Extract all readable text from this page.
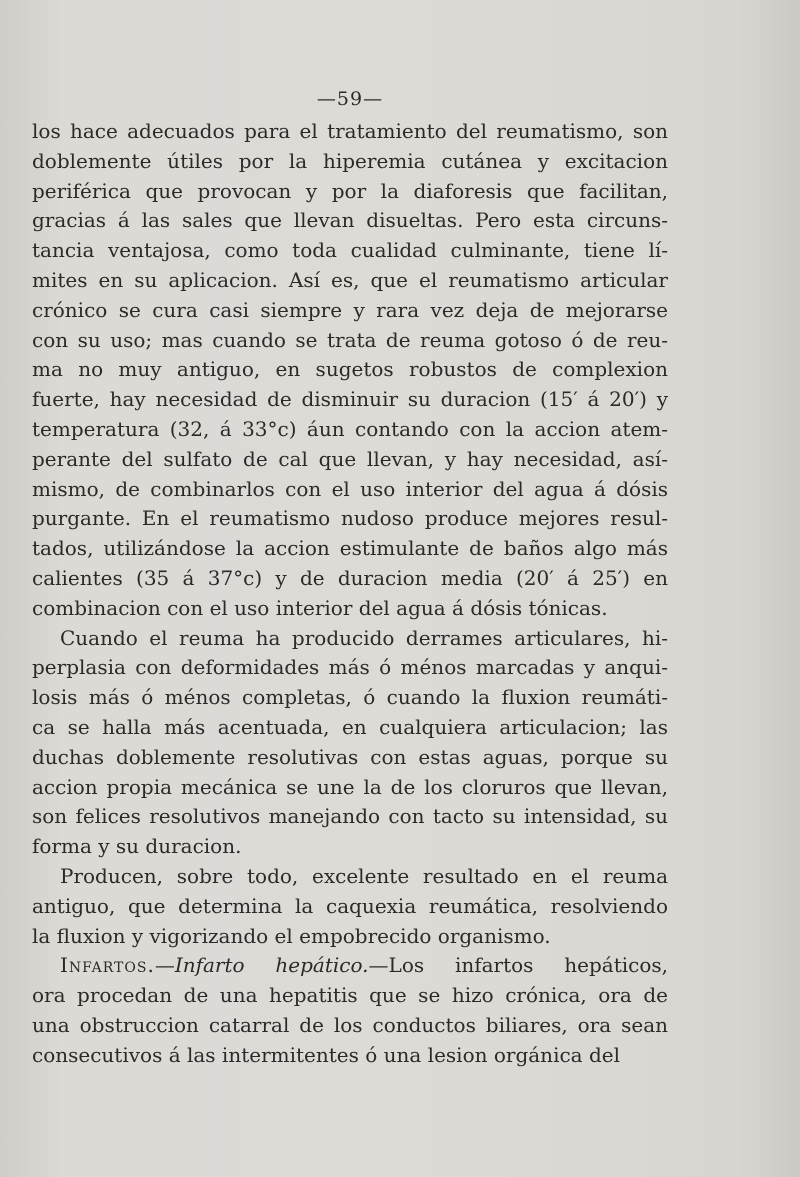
—59—

los hace adecuados para el tratamiento del reumatismo, son
doblemente útiles por la hiperemia cutánea y excitacion
periférica que provocan y por la diaforesis que facilitan,
gracias á las sales que llevan disueltas. Pero esta circuns-
tancia ventajosa, como toda cualidad culminante, tiene lí-
mites en su aplicacion. Así es, que el reumatismo articular
crónico se cura casi siempre y rara vez deja de mejorarse
con su uso; mas cuando se trata de reuma gotoso ó de reu-
ma no muy antiguo, en sugetos robustos de complexion
fuerte, hay necesidad de disminuir su duracion (15′ á 20′) y
temperatura (32, á 33°c) áun contando con la accion atem-
perante del sulfato de cal que llevan, y hay necesidad, así-
mismo, de combinarlos con el uso interior del agua á dósis
purgante. En el reumatismo nudoso produce mejores resul-
tados, utilizándose la accion estimulante de baños algo más
calientes (35 á 37°c) y de duracion media (20′ á 25′) en
combinacion con el uso interior del agua á dósis tónicas.

Cuando el reuma ha producido derrames articulares, hi-
perplasia con deformidades más ó ménos marcadas y anqui-
losis más ó ménos completas, ó cuando la fluxion reumáti-
ca se halla más acentuada, en cualquiera articulacion; las
duchas doblemente resolutivas con estas aguas, porque su
accion propia mecánica se une la de los cloruros que llevan,
son felices resolutivos manejando con tacto su intensidad, su
forma y su duracion.

Producen, sobre todo, excelente resultado en el reuma
antiguo, que determina la caquexia reumática, resolviendo
la fluxion y vigorizando el empobrecido organismo.

Infartos.—Infarto hepático.—Los infartos hepáticos,
ora procedan de una hepatitis que se hizo crónica, ora de
una obstruccion catarral de los conductos biliares, ora sean
consecutivos á las intermitentes ó una lesion orgánica del
